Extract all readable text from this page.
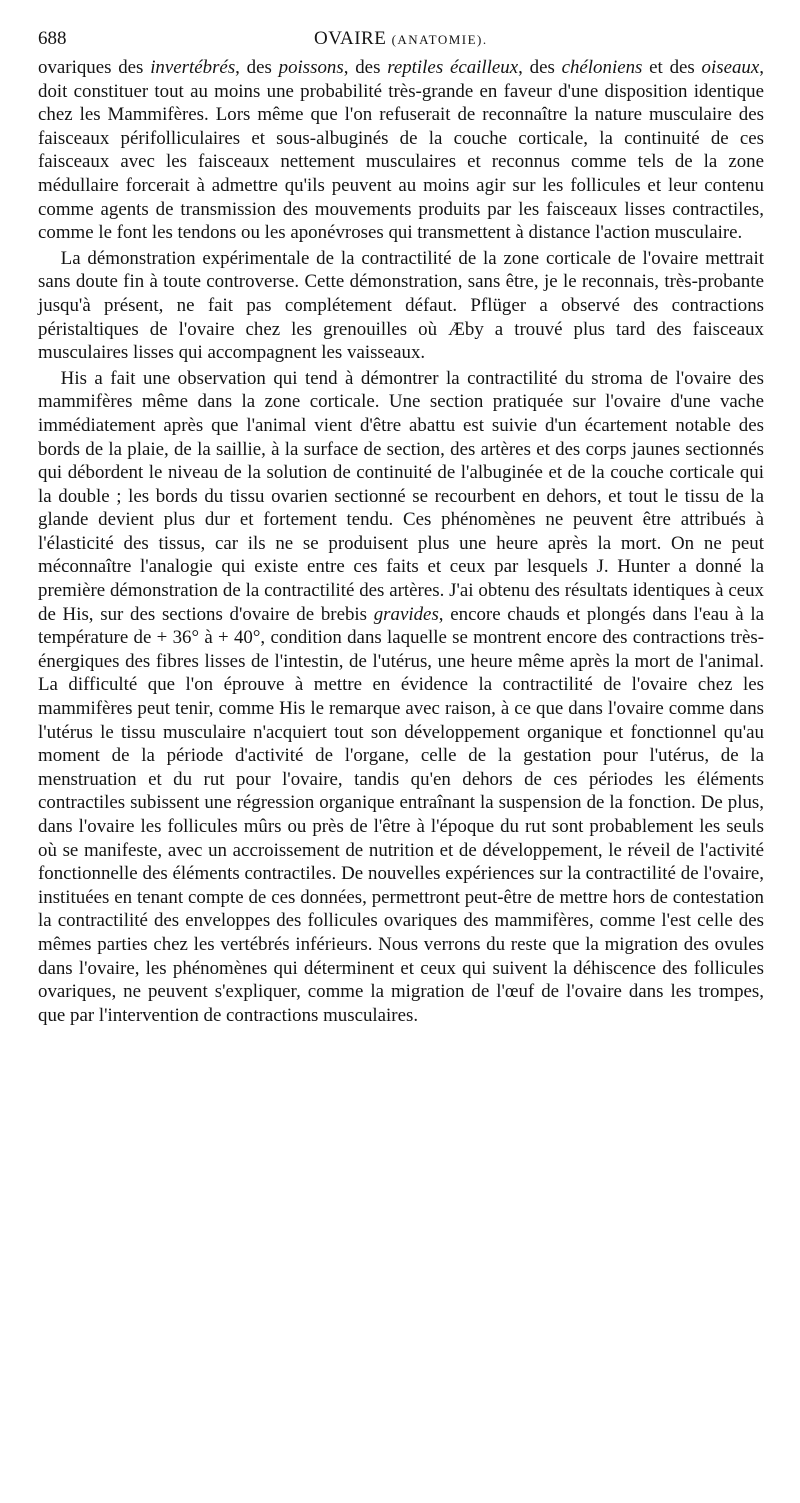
688	OVAIRE (ANATOMIE).

ovariques des invertébrés, des poissons, des reptiles écailleux, des chéloniens et des oiseaux, doit constituer tout au moins une probabilité très-grande en faveur d'une disposition identique chez les Mammifères. Lors même que l'on refuserait de reconnaître la nature musculaire des faisceaux périfolliculaires et sous-albuginés de la couche corticale, la continuité de ces faisceaux avec les faisceaux nettement musculaires et reconnus comme tels de la zone médullaire forcerait à admettre qu'ils peuvent au moins agir sur les follicules et leur contenu comme agents de transmission des mouvements produits par les faisceaux lisses contractiles, comme le font les tendons ou les aponévroses qui transmettent à distance l'action musculaire.

La démonstration expérimentale de la contractilité de la zone corticale de l'ovaire mettrait sans doute fin à toute controverse. Cette démonstration, sans être, je le reconnais, très-probante jusqu'à présent, ne fait pas complétement défaut. Pflüger a observé des contractions péristaltiques de l'ovaire chez les grenouilles où Æby a trouvé plus tard des faisceaux musculaires lisses qui accompagnent les vaisseaux.

His a fait une observation qui tend à démontrer la contractilité du stroma de l'ovaire des mammifères même dans la zone corticale. Une section pratiquée sur l'ovaire d'une vache immédiatement après que l'animal vient d'être abattu est suivie d'un écartement notable des bords de la plaie, de la saillie, à la surface de section, des artères et des corps jaunes sectionnés qui débordent le niveau de la solution de continuité de l'albuginée et de la couche corticale qui la double ; les bords du tissu ovarien sectionné se recourbent en dehors, et tout le tissu de la glande devient plus dur et fortement tendu. Ces phénomènes ne peuvent être attribués à l'élasticité des tissus, car ils ne se produisent plus une heure après la mort. On ne peut méconnaître l'analogie qui existe entre ces faits et ceux par lesquels J. Hunter a donné la première démonstration de la contractilité des artères. J'ai obtenu des résultats identiques à ceux de His, sur des sections d'ovaire de brebis gravides, encore chauds et plongés dans l'eau à la température de + 36° à + 40°, condition dans laquelle se montrent encore des contractions très-énergiques des fibres lisses de l'intestin, de l'utérus, une heure même après la mort de l'animal. La difficulté que l'on éprouve à mettre en évidence la contractilité de l'ovaire chez les mammifères peut tenir, comme His le remarque avec raison, à ce que dans l'ovaire comme dans l'utérus le tissu musculaire n'acquiert tout son développement organique et fonctionnel qu'au moment de la période d'activité de l'organe, celle de la gestation pour l'utérus, de la menstruation et du rut pour l'ovaire, tandis qu'en dehors de ces périodes les éléments contractiles subissent une régression organique entraînant la suspension de la fonction. De plus, dans l'ovaire les follicules mûrs ou près de l'être à l'époque du rut sont probablement les seuls où se manifeste, avec un accroissement de nutrition et de développement, le réveil de l'activité fonctionnelle des éléments contractiles. De nouvelles expériences sur la contractilité de l'ovaire, instituées en tenant compte de ces données, permettront peut-être de mettre hors de contestation la contractilité des enveloppes des follicules ovariques des mammifères, comme l'est celle des mêmes parties chez les vertébrés inférieurs. Nous verrons du reste que la migration des ovules dans l'ovaire, les phénomènes qui déterminent et ceux qui suivent la déhiscence des follicules ovariques, ne peuvent s'expliquer, comme la migration de l'œuf de l'ovaire dans les trompes, que par l'intervention de contractions musculaires.
